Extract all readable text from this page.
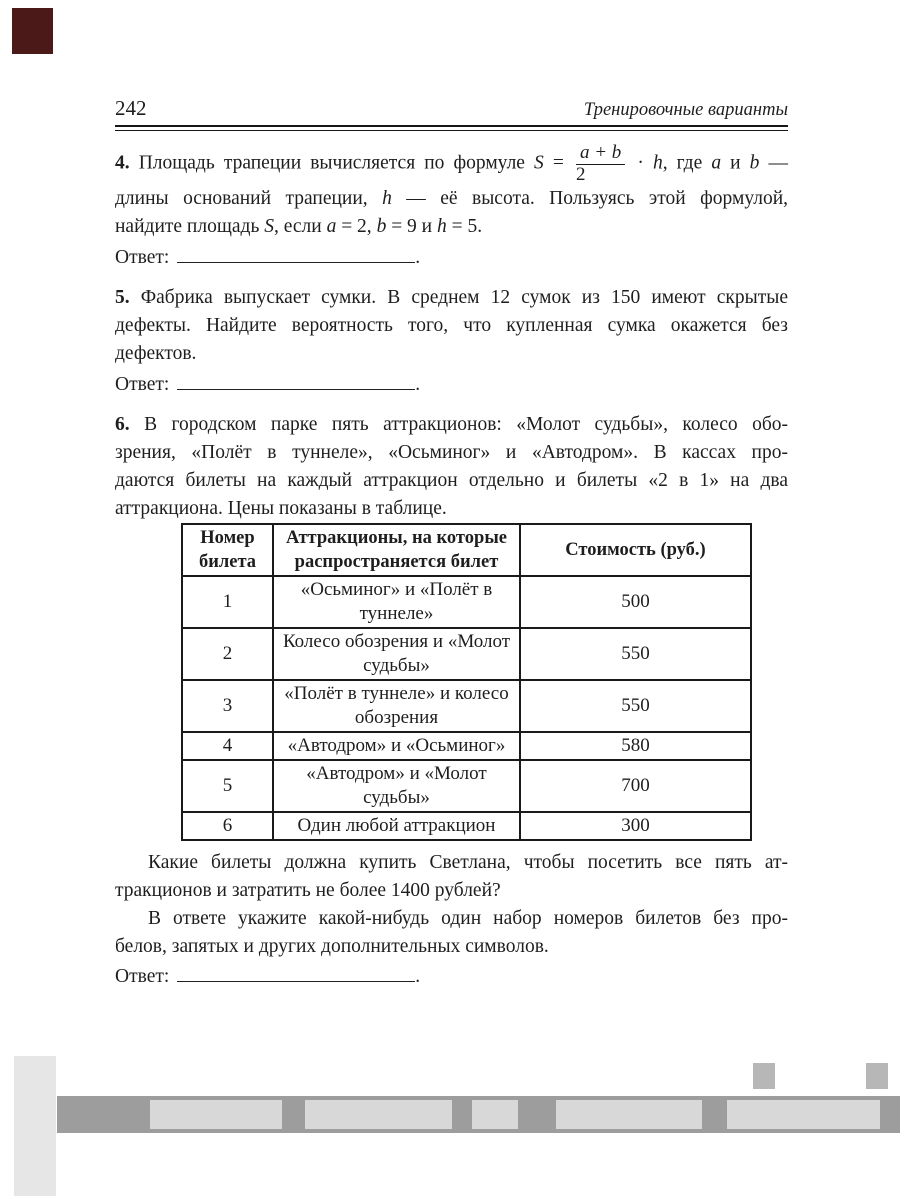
242	Тренировочные варианты
4. Площадь трапеции вычисляется по формуле $S = \frac{a + b}{2} \cdot h$, где a и b —
длины оснований трапеции, h — её высота. Пользуясь этой формулой,
найдите площадь S, если a = 2, b = 9 и h = 5.
Ответ:	.
5. Фабрика выпускает сумки. В среднем 12 сумок из 150 имеют скрытые
дефекты. Найдите вероятность того, что купленная сумка окажется без
дефектов.
Ответ:	.
6. В городском парке пять аттракционов: «Молот судьбы», колесо обо-
зрения, «Полёт в туннеле», «Осьминог» и «Автодром». В кассах про-
даются билеты на каждый аттракцион отдельно и билеты «2 в 1» на два
аттракциона. Цены показаны в таблице.
Номер билета	Аттракционы, на которые распространяется билет	Стоимость (руб.)
1	«Осьминог» и «Полёт в туннеле»	500
2	Колесо обозрения и «Молот судьбы»	550
3	«Полёт в туннеле» и колесо обозрения	550
4	«Автодром» и «Осьминог»	580
5	«Автодром» и «Молот судьбы»	700
6	Один любой аттракцион	300
Какие билеты должна купить Светлана, чтобы посетить все пять ат-
тракционов и затратить не более 1400 рублей?
В ответе укажите какой-нибудь один набор номеров билетов без про-
белов, запятых и других дополнительных символов.
Ответ:	.
